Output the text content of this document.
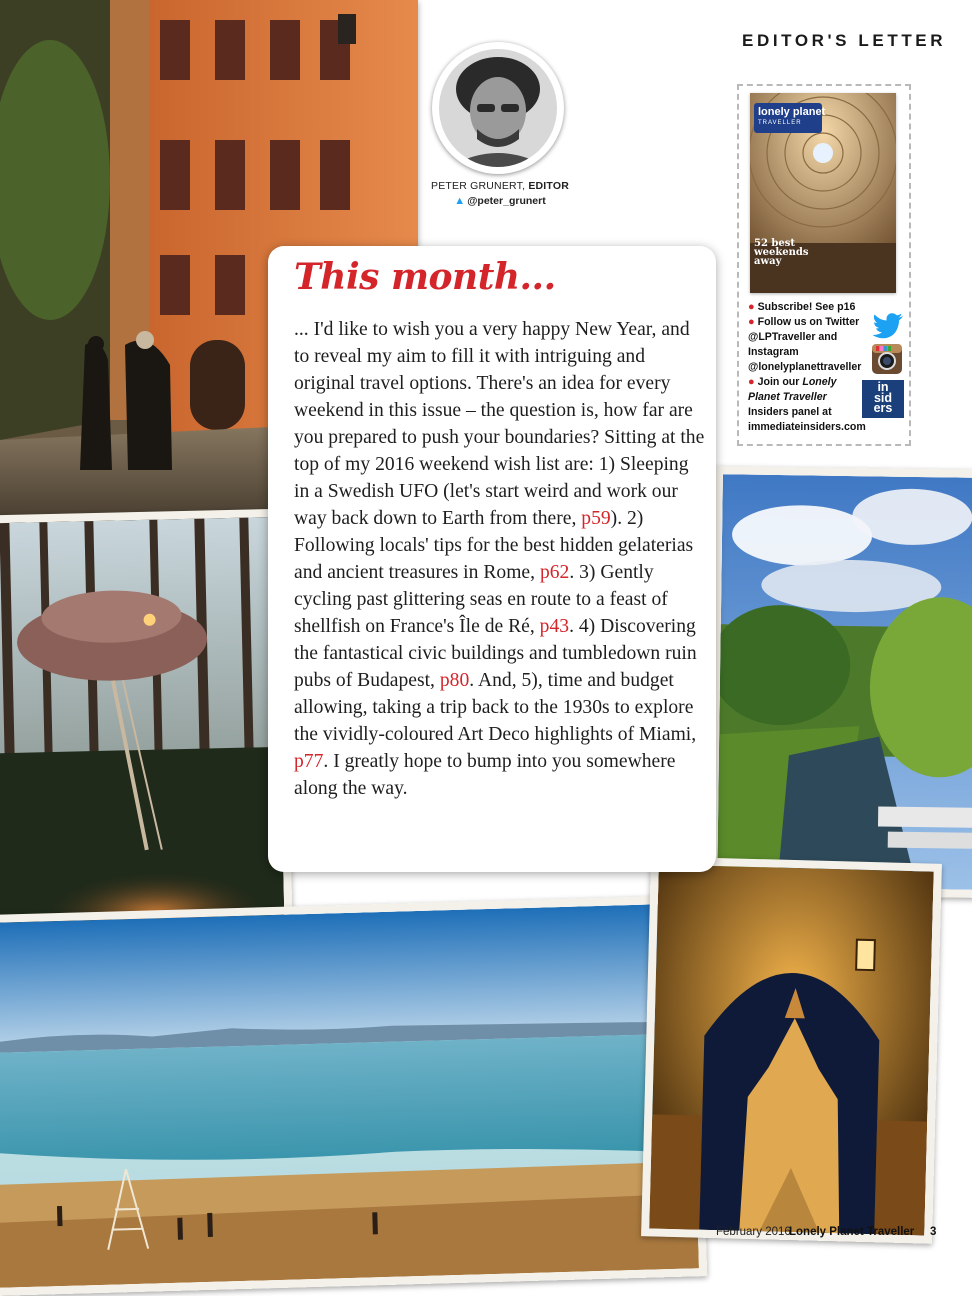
EDITOR'S LETTER
PETER GRUNERT, EDITOR
▲ @peter_grunert
This month...
... I'd like to wish you a very happy New Year, and to reveal my aim to fill it with intriguing and original travel options. There's an idea for every weekend in this issue – the question is, how far are you prepared to push your boundaries? Sitting at the top of my 2016 weekend wish list are: 1) Sleeping in a Swedish UFO (let's start weird and work our way back down to Earth from there, p59). 2) Following locals' tips for the best hidden gelaterias and ancient treasures in Rome, p62. 3) Gently cycling past glittering seas en route to a feast of shellfish on France's Île de Ré, p43. 4) Discovering the fantastical civic buildings and tumbledown ruin pubs of Budapest, p80. And, 5), time and budget allowing, taking a trip back to the 1930s to explore the vividly-coloured Art Deco highlights of Miami, p77. I greatly hope to bump into you somewhere along the way.
lonely planet
TRAVELLER
52 best
weekends
away
● Subscribe! See p16
● Follow us on Twitter
@LPTraveller and
Instagram
@lonelyplanettraveller
● Join our Lonely
Planet Traveller
Insiders panel at
immediateinsiders.com
in
sid
ers
February 2016
Lonely Planet Traveller 3
